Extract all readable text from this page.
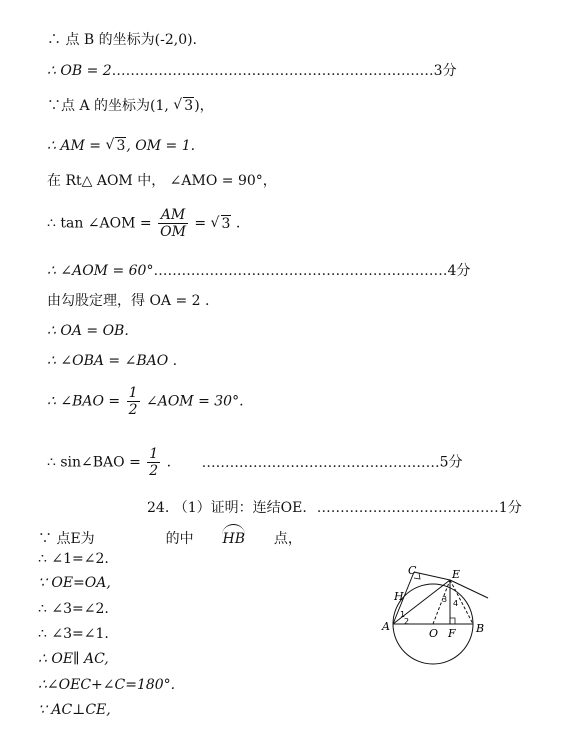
∴ 点 B 的坐标为(-2,0).
∴ OB = 2……………………………………………………………3分
∵点 A 的坐标为(1, √ 3)，
∴ AM = √ 3, OM = 1.
在 Rt△ AOM 中， ∠AMO = 90°，
∴ tan ∠AOM = $\frac{AM}{OM}$ = √ 3 .
∴ ∠AOM = 60°………………………………………………………4分
由勾股定理，得 OA = 2 .
∴ OA = OB.
∴ ∠OBA = ∠BAO .
∴ ∠BAO = $\frac{1}{2}$ ∠AOM = 30°.
∴ sin∠BAO = $\frac{1}{2}$ . ……………………………………………5分
24. （1）证明：连结OE. …………………………………1分
∵ 点E为	的中 HB 点，
∴ ∠1=∠2.
∵ OE=OA,
∴ ∠3=∠2.
∴ ∠3=∠1.
∴ OE∥ AC,
∴∠OEC+∠C=180°.
∵ AC⊥CE,
C	E
H
A
O F B
1
2
3 4
